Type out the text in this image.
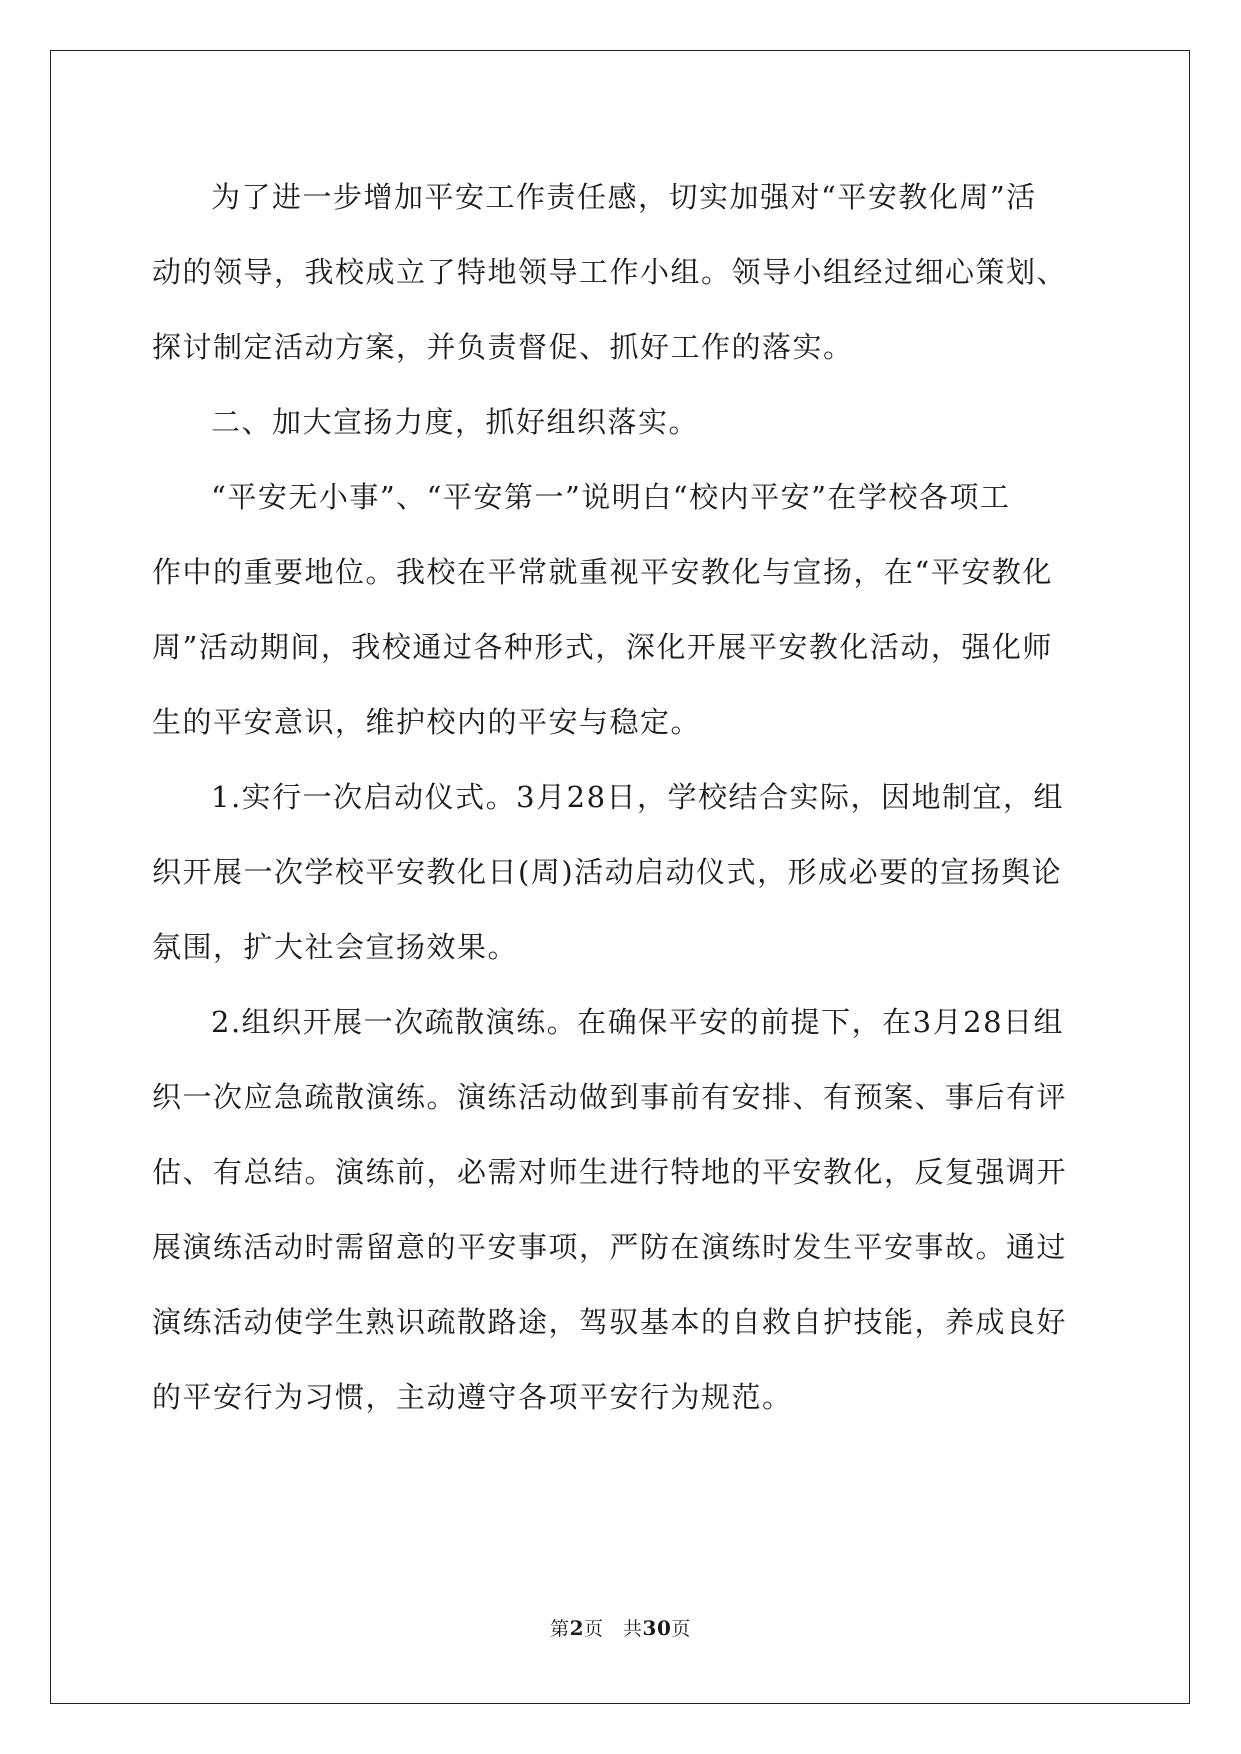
为了进一步增加平安工作责任感，切实加强对“平安教化周”活
动的领导，我校成立了特地领导工作小组。领导小组经过细心策划、
探讨制定活动方案，并负责督促、抓好工作的落实。

二、加大宣扬力度，抓好组织落实。

“平安无小事”、“平安第一”说明白“校内平安”在学校各项工
作中的重要地位。我校在平常就重视平安教化与宣扬，在“平安教化
周”活动期间，我校通过各种形式，深化开展平安教化活动，强化师
生的平安意识，维护校内的平安与稳定。

1.实行一次启动仪式。3月28日，学校结合实际，因地制宜，组
织开展一次学校平安教化日(周)活动启动仪式，形成必要的宣扬舆论
氛围，扩大社会宣扬效果。

2.组织开展一次疏散演练。在确保平安的前提下，在3月28日组
织一次应急疏散演练。演练活动做到事前有安排、有预案、事后有评
估、有总结。演练前，必需对师生进行特地的平安教化，反复强调开
展演练活动时需留意的平安事项，严防在演练时发生平安事故。通过
演练活动使学生熟识疏散路途，驾驭基本的自救自护技能，养成良好
的平安行为习惯，主动遵守各项平安行为规范。

第2页　共30页
